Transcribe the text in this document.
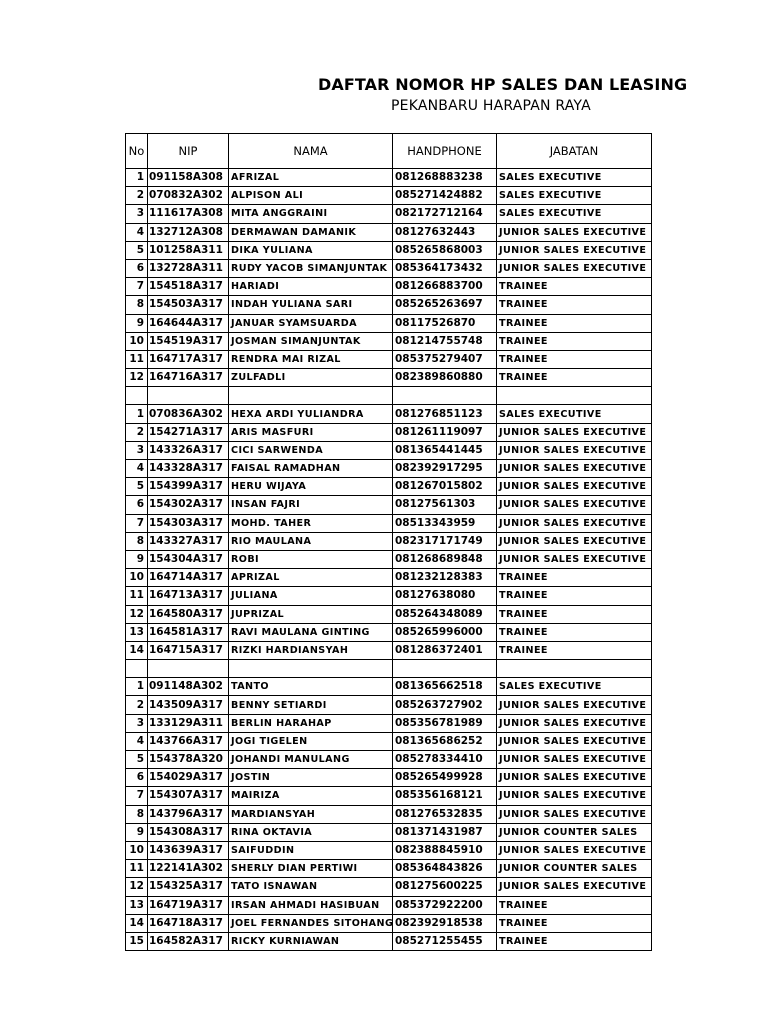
DAFTAR NOMOR HP SALES DAN LEASING
PEKANBARU HARAPAN RAYA
No	NIP	NAMA	HANDPHONE	JABATAN
1	091158A308	AFRIZAL	081268883238	SALES EXECUTIVE
2	070832A302	ALPISON ALI	085271424882	SALES EXECUTIVE
3	111617A308	MITA ANGGRAINI	082172712164	SALES EXECUTIVE
4	132712A308	DERMAWAN DAMANIK	08127632443	JUNIOR SALES EXECUTIVE
5	101258A311	DIKA YULIANA	085265868003	JUNIOR SALES EXECUTIVE
6	132728A311	RUDY YACOB SIMANJUNTAK	085364173432	JUNIOR SALES EXECUTIVE
7	154518A317	HARIADI	081266883700	TRAINEE
8	154503A317	INDAH YULIANA SARI	085265263697	TRAINEE
9	164644A317	JANUAR SYAMSUARDA	08117526870	TRAINEE
10	154519A317	JOSMAN SIMANJUNTAK	081214755748	TRAINEE
11	164717A317	RENDRA MAI RIZAL	085375279407	TRAINEE
12	164716A317	ZULFADLI	082389860880	TRAINEE

1	070836A302	HEXA ARDI YULIANDRA	081276851123	SALES EXECUTIVE
2	154271A317	ARIS MASFURI	081261119097	JUNIOR SALES EXECUTIVE
3	143326A317	CICI SARWENDA	081365441445	JUNIOR SALES EXECUTIVE
4	143328A317	FAISAL RAMADHAN	082392917295	JUNIOR SALES EXECUTIVE
5	154399A317	HERU WIJAYA	081267015802	JUNIOR SALES EXECUTIVE
6	154302A317	INSAN FAJRI	08127561303	JUNIOR SALES EXECUTIVE
7	154303A317	MOHD. TAHER	08513343959	JUNIOR SALES EXECUTIVE
8	143327A317	RIO MAULANA	082317171749	JUNIOR SALES EXECUTIVE
9	154304A317	ROBI	081268689848	JUNIOR SALES EXECUTIVE
10	164714A317	APRIZAL	081232128383	TRAINEE
11	164713A317	JULIANA	08127638080	TRAINEE
12	164580A317	JUPRIZAL	085264348089	TRAINEE
13	164581A317	RAVI MAULANA GINTING	085265996000	TRAINEE
14	164715A317	RIZKI HARDIANSYAH	081286372401	TRAINEE

1	091148A302	TANTO	081365662518	SALES EXECUTIVE
2	143509A317	BENNY SETIARDI	085263727902	JUNIOR SALES EXECUTIVE
3	133129A311	BERLIN HARAHAP	085356781989	JUNIOR SALES EXECUTIVE
4	143766A317	JOGI TIGELEN	081365686252	JUNIOR SALES EXECUTIVE
5	154378A320	JOHANDI MANULANG	085278334410	JUNIOR SALES EXECUTIVE
6	154029A317	JOSTIN	085265499928	JUNIOR SALES EXECUTIVE
7	154307A317	MAIRIZA	085356168121	JUNIOR SALES EXECUTIVE
8	143796A317	MARDIANSYAH	081276532835	JUNIOR SALES EXECUTIVE
9	154308A317	RINA OKTAVIA	081371431987	JUNIOR COUNTER SALES
10	143639A317	SAIFUDDIN	082388845910	JUNIOR SALES EXECUTIVE
11	122141A302	SHERLY DIAN PERTIWI	085364843826	JUNIOR COUNTER SALES
12	154325A317	TATO ISNAWAN	081275600225	JUNIOR SALES EXECUTIVE
13	164719A317	IRSAN AHMADI HASIBUAN	085372922200	TRAINEE
14	164718A317	JOEL FERNANDES SITOHANG	082392918538	TRAINEE
15	164582A317	RICKY KURNIAWAN	085271255455	TRAINEE
